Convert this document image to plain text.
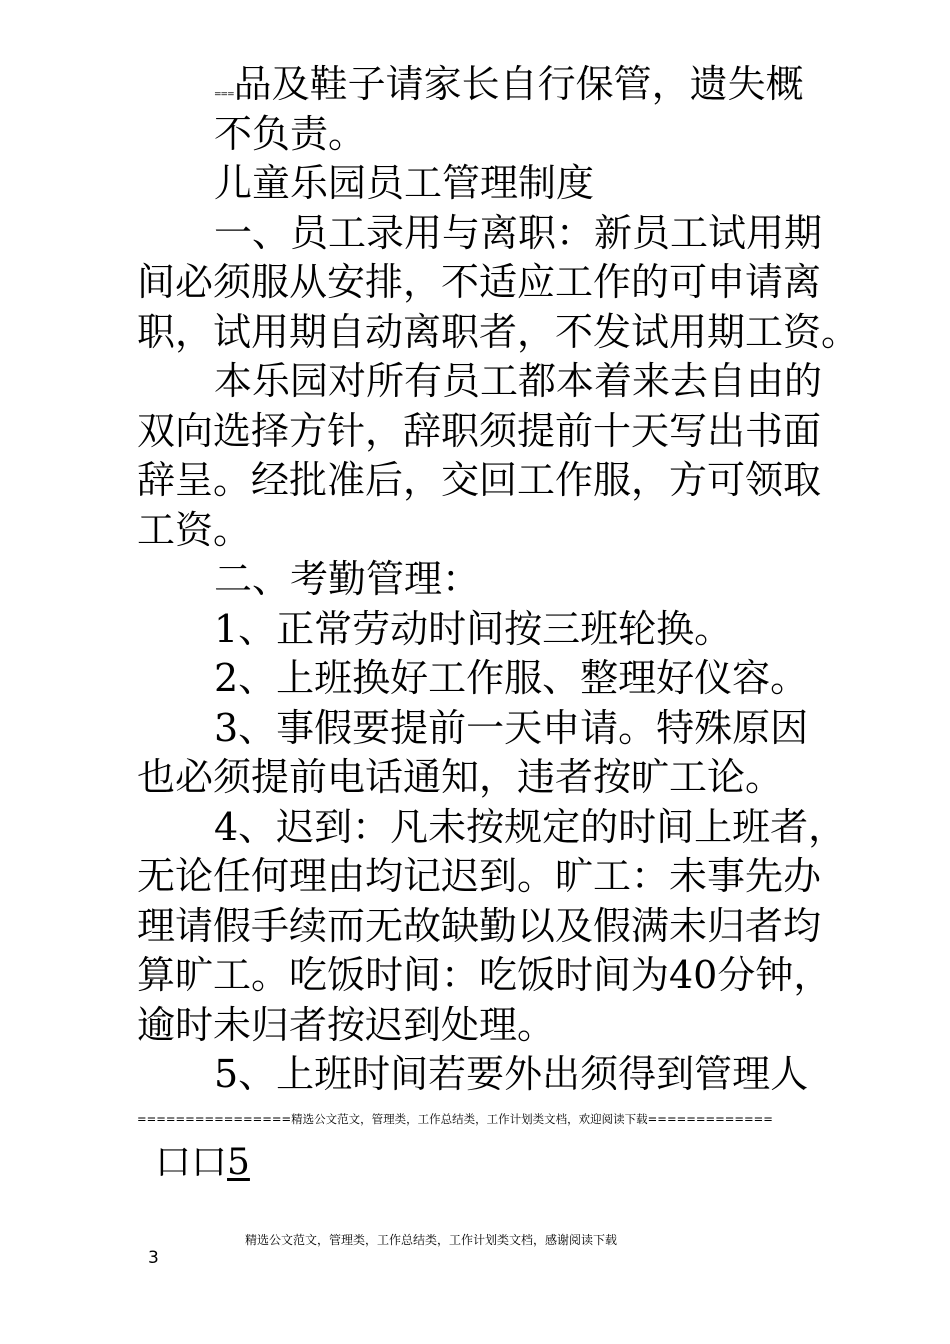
===品及鞋子请家长自行保管，遗失概
不负责。
儿童乐园员工管理制度
一、员工录用与离职：新员工试用期
间必须服从安排，不适应工作的可申请离
职，试用期自动离职者，不发试用期工资。
本乐园对所有员工都本着来去自由的
双向选择方针，辞职须提前十天写出书面
辞呈。经批准后，交回工作服，方可领取
工资。
二、考勤管理：
1、正常劳动时间按三班轮换。
2、上班换好工作服、整理好仪容。
3、事假要提前一天申请。特殊原因
也必须提前电话通知，违者按旷工论。
4、迟到：凡未按规定的时间上班者，
无论任何理由均记迟到。旷工：未事先办
理请假手续而无故缺勤以及假满未归者均
算旷工。吃饭时间：吃饭时间为40分钟，
逾时未归者按迟到处理。
5、上班时间若要外出须得到管理人
================精选公文范文，管理类，工作总结类，工作计划类文档，欢迎阅读下载=============
口口5
精选公文范文，管理类，工作总结类，工作计划类文档，感谢阅读下载
3
